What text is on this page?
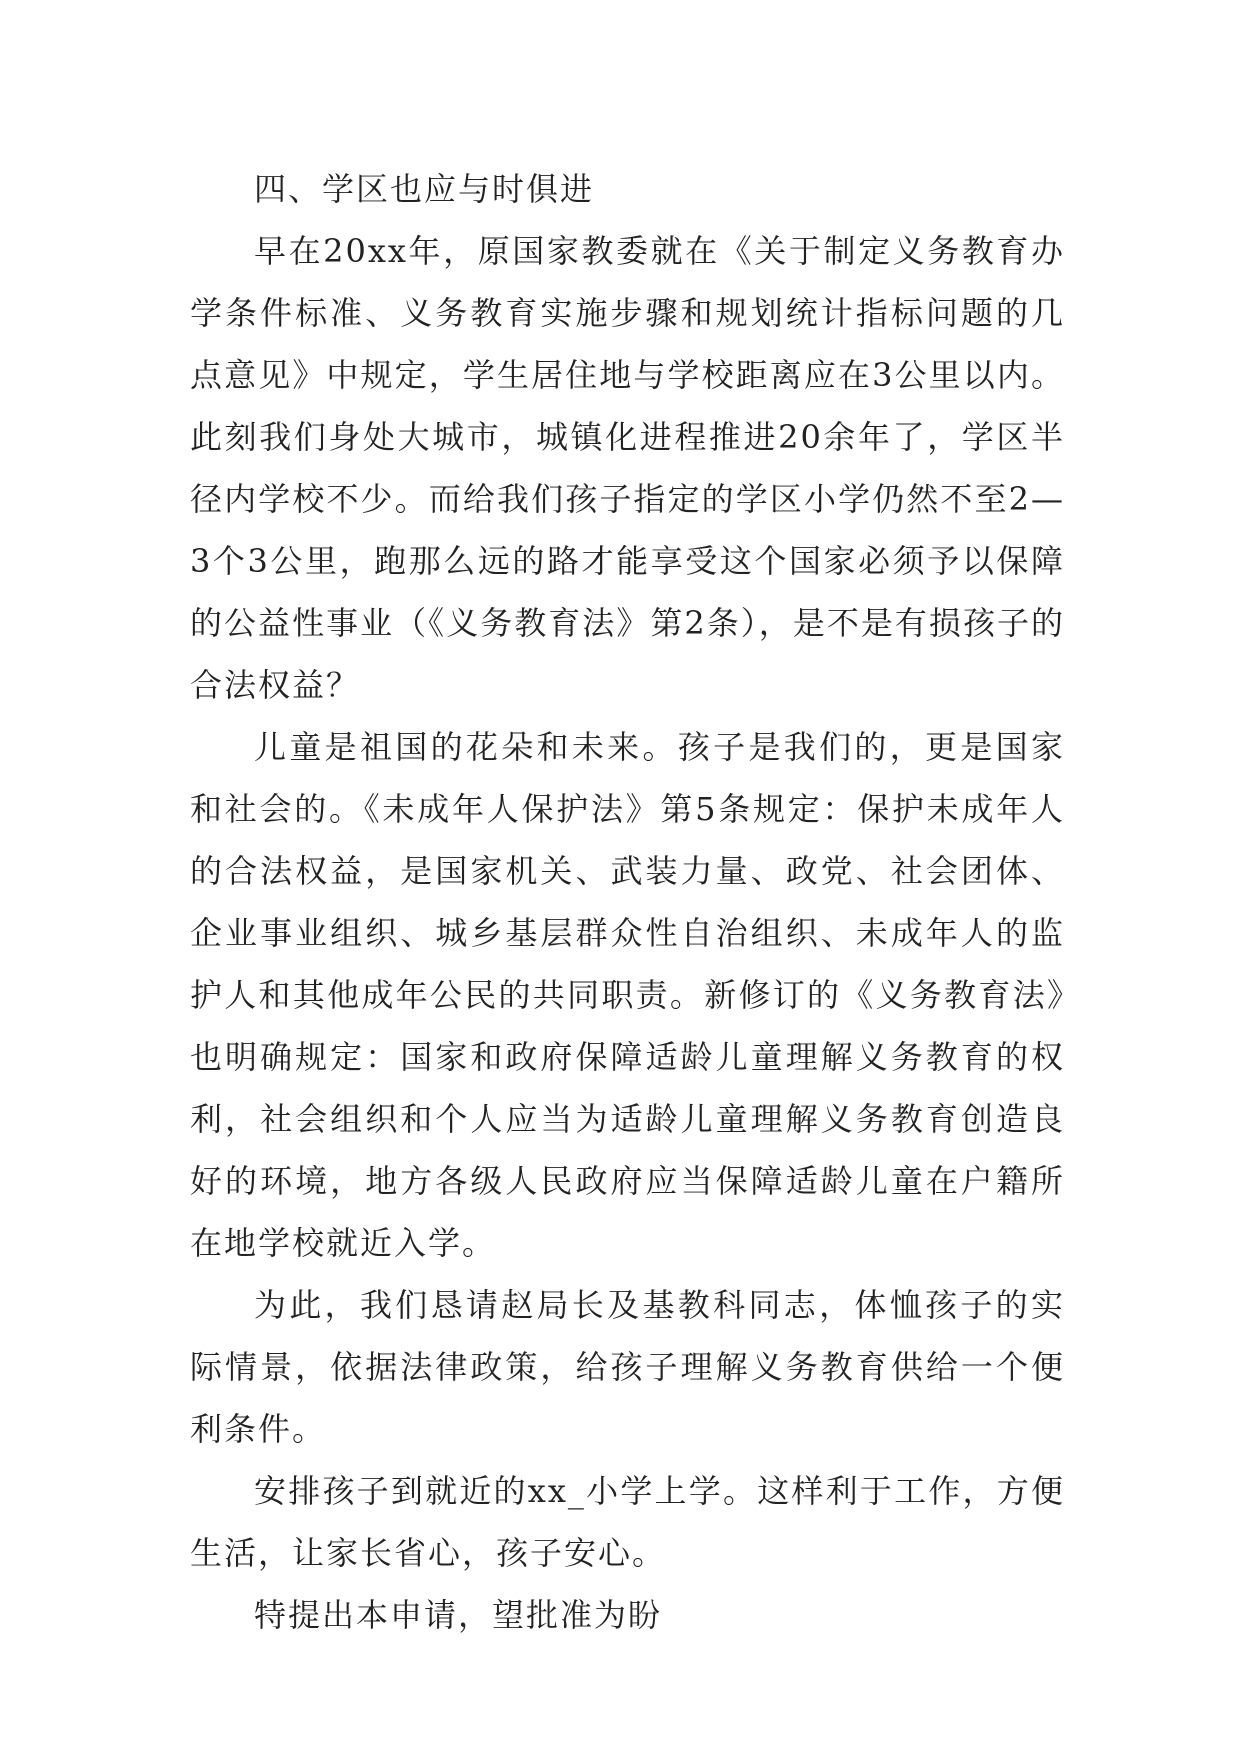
四、学区也应与时俱进

早在20xx年，原国家教委就在《关于制定义务教育办学条件标准、义务教育实施步骤和规划统计指标问题的几点意见》中规定，学生居住地与学校距离应在3公里以内。此刻我们身处大城市，城镇化进程推进20余年了，学区半径内学校不少。而给我们孩子指定的学区小学仍然不至2—3个3公里，跑那么远的路才能享受这个国家必须予以保障的公益性事业（《义务教育法》第2条），是不是有损孩子的合法权益？

儿童是祖国的花朵和未来。孩子是我们的，更是国家和社会的。《未成年人保护法》第5条规定：保护未成年人的合法权益，是国家机关、武装力量、政党、社会团体、企业事业组织、城乡基层群众性自治组织、未成年人的监护人和其他成年公民的共同职责。新修订的《义务教育法》也明确规定：国家和政府保障适龄儿童理解义务教育的权利，社会组织和个人应当为适龄儿童理解义务教育创造良好的环境，地方各级人民政府应当保障适龄儿童在户籍所在地学校就近入学。

为此，我们恳请赵局长及基教科同志，体恤孩子的实际情景，依据法律政策，给孩子理解义务教育供给一个便利条件。

安排孩子到就近的xx_小学上学。这样利于工作，方便生活，让家长省心，孩子安心。

特提出本申请，望批准为盼
